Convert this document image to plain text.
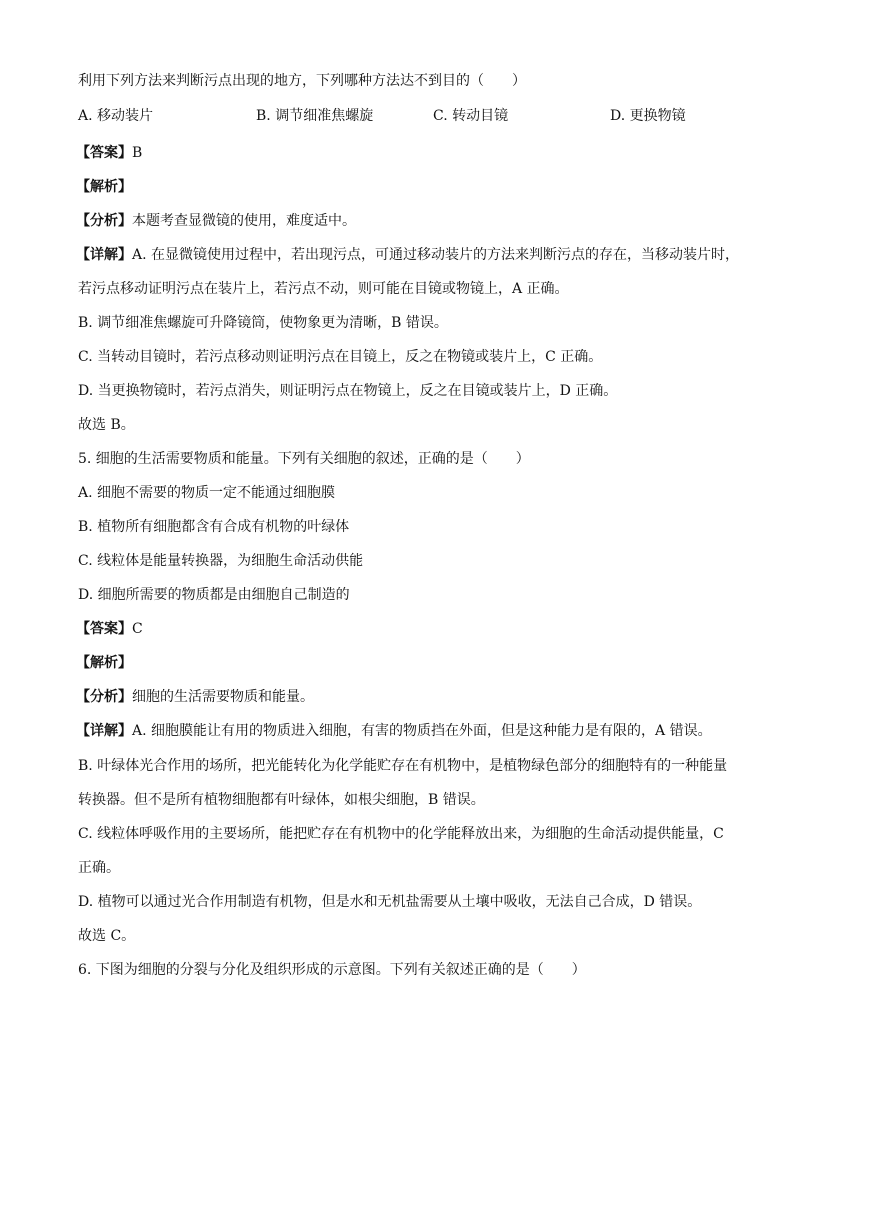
利用下列方法来判断污点出现的地方，下列哪种方法达不到目的（　　）
A. 移动装片	B. 调节细准焦螺旋	C. 转动目镜	D. 更换物镜
【答案】B
【解析】
【分析】本题考查显微镜的使用，难度适中。
【详解】A. 在显微镜使用过程中，若出现污点，可通过移动装片的方法来判断污点的存在，当移动装片时，
若污点移动证明污点在装片上，若污点不动，则可能在目镜或物镜上，A 正确。
B. 调节细准焦螺旋可升降镜筒，使物象更为清晰，B 错误。
C. 当转动目镜时，若污点移动则证明污点在目镜上，反之在物镜或装片上，C 正确。
D. 当更换物镜时，若污点消失，则证明污点在物镜上，反之在目镜或装片上，D 正确。
故选 B。
5. 细胞的生活需要物质和能量。下列有关细胞的叙述，正确的是（　　）
A. 细胞不需要的物质一定不能通过细胞膜
B. 植物所有细胞都含有合成有机物的叶绿体
C. 线粒体是能量转换器，为细胞生命活动供能
D. 细胞所需要的物质都是由细胞自己制造的
【答案】C
【解析】
【分析】细胞的生活需要物质和能量。
【详解】A. 细胞膜能让有用的物质进入细胞，有害的物质挡在外面，但是这种能力是有限的，A 错误。
B. 叶绿体光合作用的场所，把光能转化为化学能贮存在有机物中，是植物绿色部分的细胞特有的一种能量
转换器。但不是所有植物细胞都有叶绿体，如根尖细胞，B 错误。
C. 线粒体呼吸作用的主要场所，能把贮存在有机物中的化学能释放出来，为细胞的生命活动提供能量，C
正确。
D. 植物可以通过光合作用制造有机物，但是水和无机盐需要从土壤中吸收，无法自己合成，D 错误。
故选 C。
6. 下图为细胞的分裂与分化及组织形成的示意图。下列有关叙述正确的是（　　）
